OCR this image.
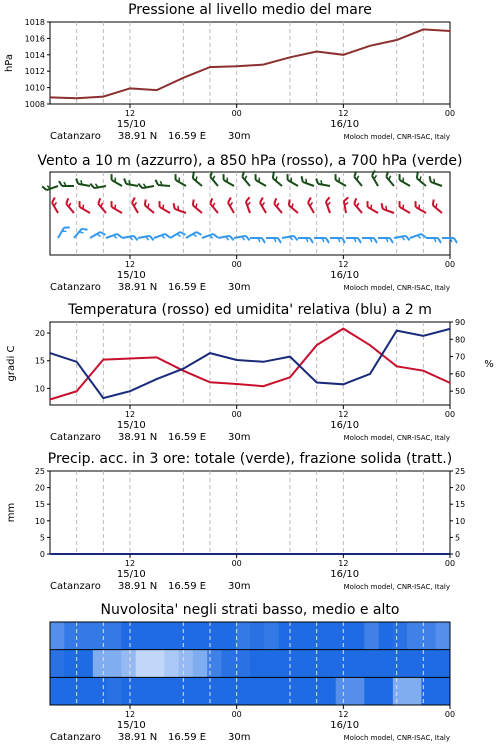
Pressione al livello medio del mare
1008
1010
1012
1014
1016
1018
hPa
12	00	12	00
15/10	16/10
Catanzaro 38.91 N 16.59 E 30m	Moloch model, CNR-ISAC, Italy
Vento a 10 m (azzurro), a 850 hPa (rosso), a 700 hPa (verde)
12	00	12	00
15/10	16/10
Catanzaro 38.91 N 16.59 E 30m	Moloch model, CNR-ISAC, Italy
Temperatura (rosso) ed umidita' relativa (blu) a 2 m
10
15
20
50
60
70
80
90
gradi C	%
12	00	12	00
15/10	16/10
Catanzaro 38.91 N 16.59 E 30m	Moloch model, CNR-ISAC, Italy
Precip. acc. in 3 ore: totale (verde), frazione solida (tratt.)
0
5
10
15
20
25
0
5
10
15
20
25
mm
12	00	12	00
15/10	16/10
Catanzaro 38.91 N 16.59 E 30m	Moloch model, CNR-ISAC, Italy
Nuvolosita' negli strati basso, medio e alto
12	00	12	00
15/10	16/10
Catanzaro 38.91 N 16.59 E 30m	Moloch model, CNR-ISAC, Italy
